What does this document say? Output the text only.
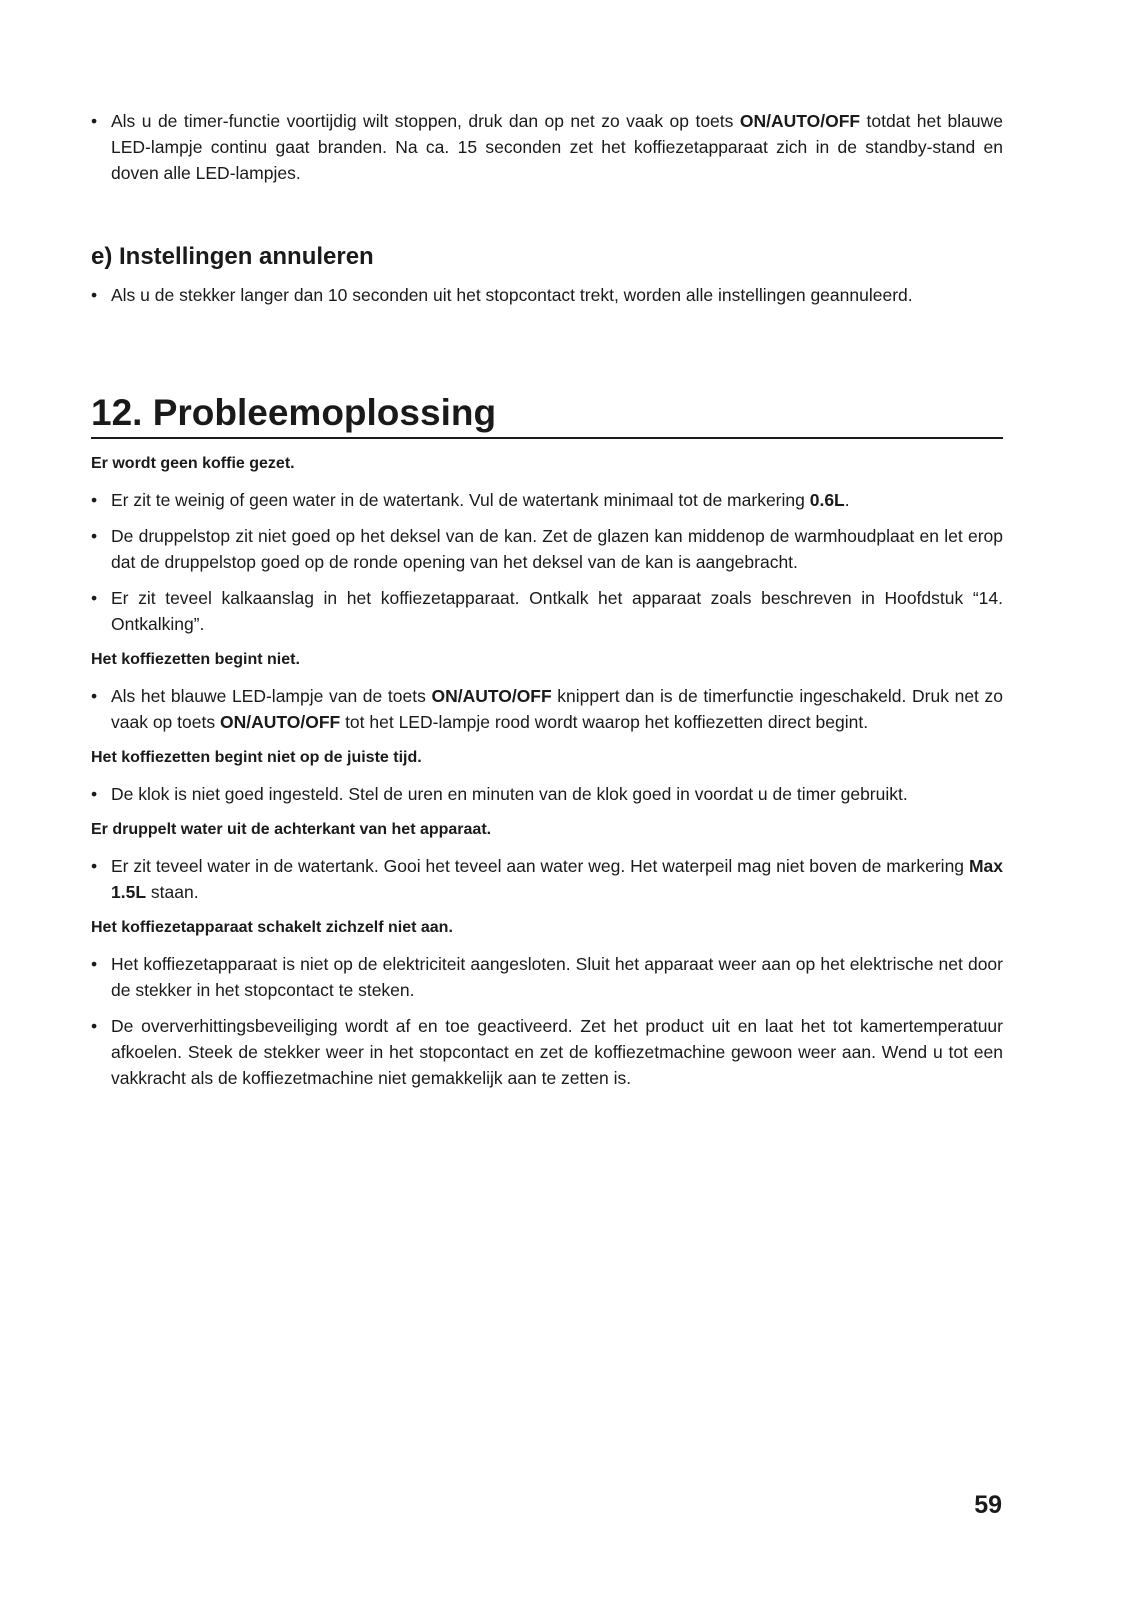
• Als u de timer-functie voortijdig wilt stoppen, druk dan op net zo vaak op toets ON/AUTO/OFF totdat het blauwe LED-lampje continu gaat branden. Na ca. 15 seconden zet het koffiezetapparaat zich in de standby-stand en doven alle LED-lampjes.

e) Instellingen annuleren

• Als u de stekker langer dan 10 seconden uit het stopcontact trekt, worden alle instellingen geannuleerd.

12. Probleemoplossing

Er wordt geen koffie gezet.

• Er zit te weinig of geen water in de watertank. Vul de watertank minimaal tot de markering 0.6L.

• De druppelstop zit niet goed op het deksel van de kan. Zet de glazen kan middenop de warmhoudplaat en let erop dat de druppelstop goed op de ronde opening van het deksel van de kan is aangebracht.

• Er zit teveel kalkaanslag in het koffiezetapparaat. Ontkalk het apparaat zoals beschreven in Hoofdstuk “14. Ontkalking”.

Het koffiezetten begint niet.

• Als het blauwe LED-lampje van de toets ON/AUTO/OFF knippert dan is de timerfunctie ingeschakeld. Druk net zo vaak op toets ON/AUTO/OFF tot het LED-lampje rood wordt waarop het koffiezetten direct begint.

Het koffiezetten begint niet op de juiste tijd.

• De klok is niet goed ingesteld. Stel de uren en minuten van de klok goed in voordat u de timer gebruikt.

Er druppelt water uit de achterkant van het apparaat.

• Er zit teveel water in de watertank. Gooi het teveel aan water weg. Het waterpeil mag niet boven de markering Max 1.5L staan.

Het koffiezetapparaat schakelt zichzelf niet aan.

• Het koffiezetapparaat is niet op de elektriciteit aangesloten. Sluit het apparaat weer aan op het elektrische net door de stekker in het stopcontact te steken.

• De oververhittingsbeveiliging wordt af en toe geactiveerd. Zet het product uit en laat het tot kamertemperatuur afkoelen. Steek de stekker weer in het stopcontact en zet de koffiezetmachine gewoon weer aan. Wend u tot een vakkracht als de koffiezetmachine niet gemakkelijk aan te zetten is.

59
